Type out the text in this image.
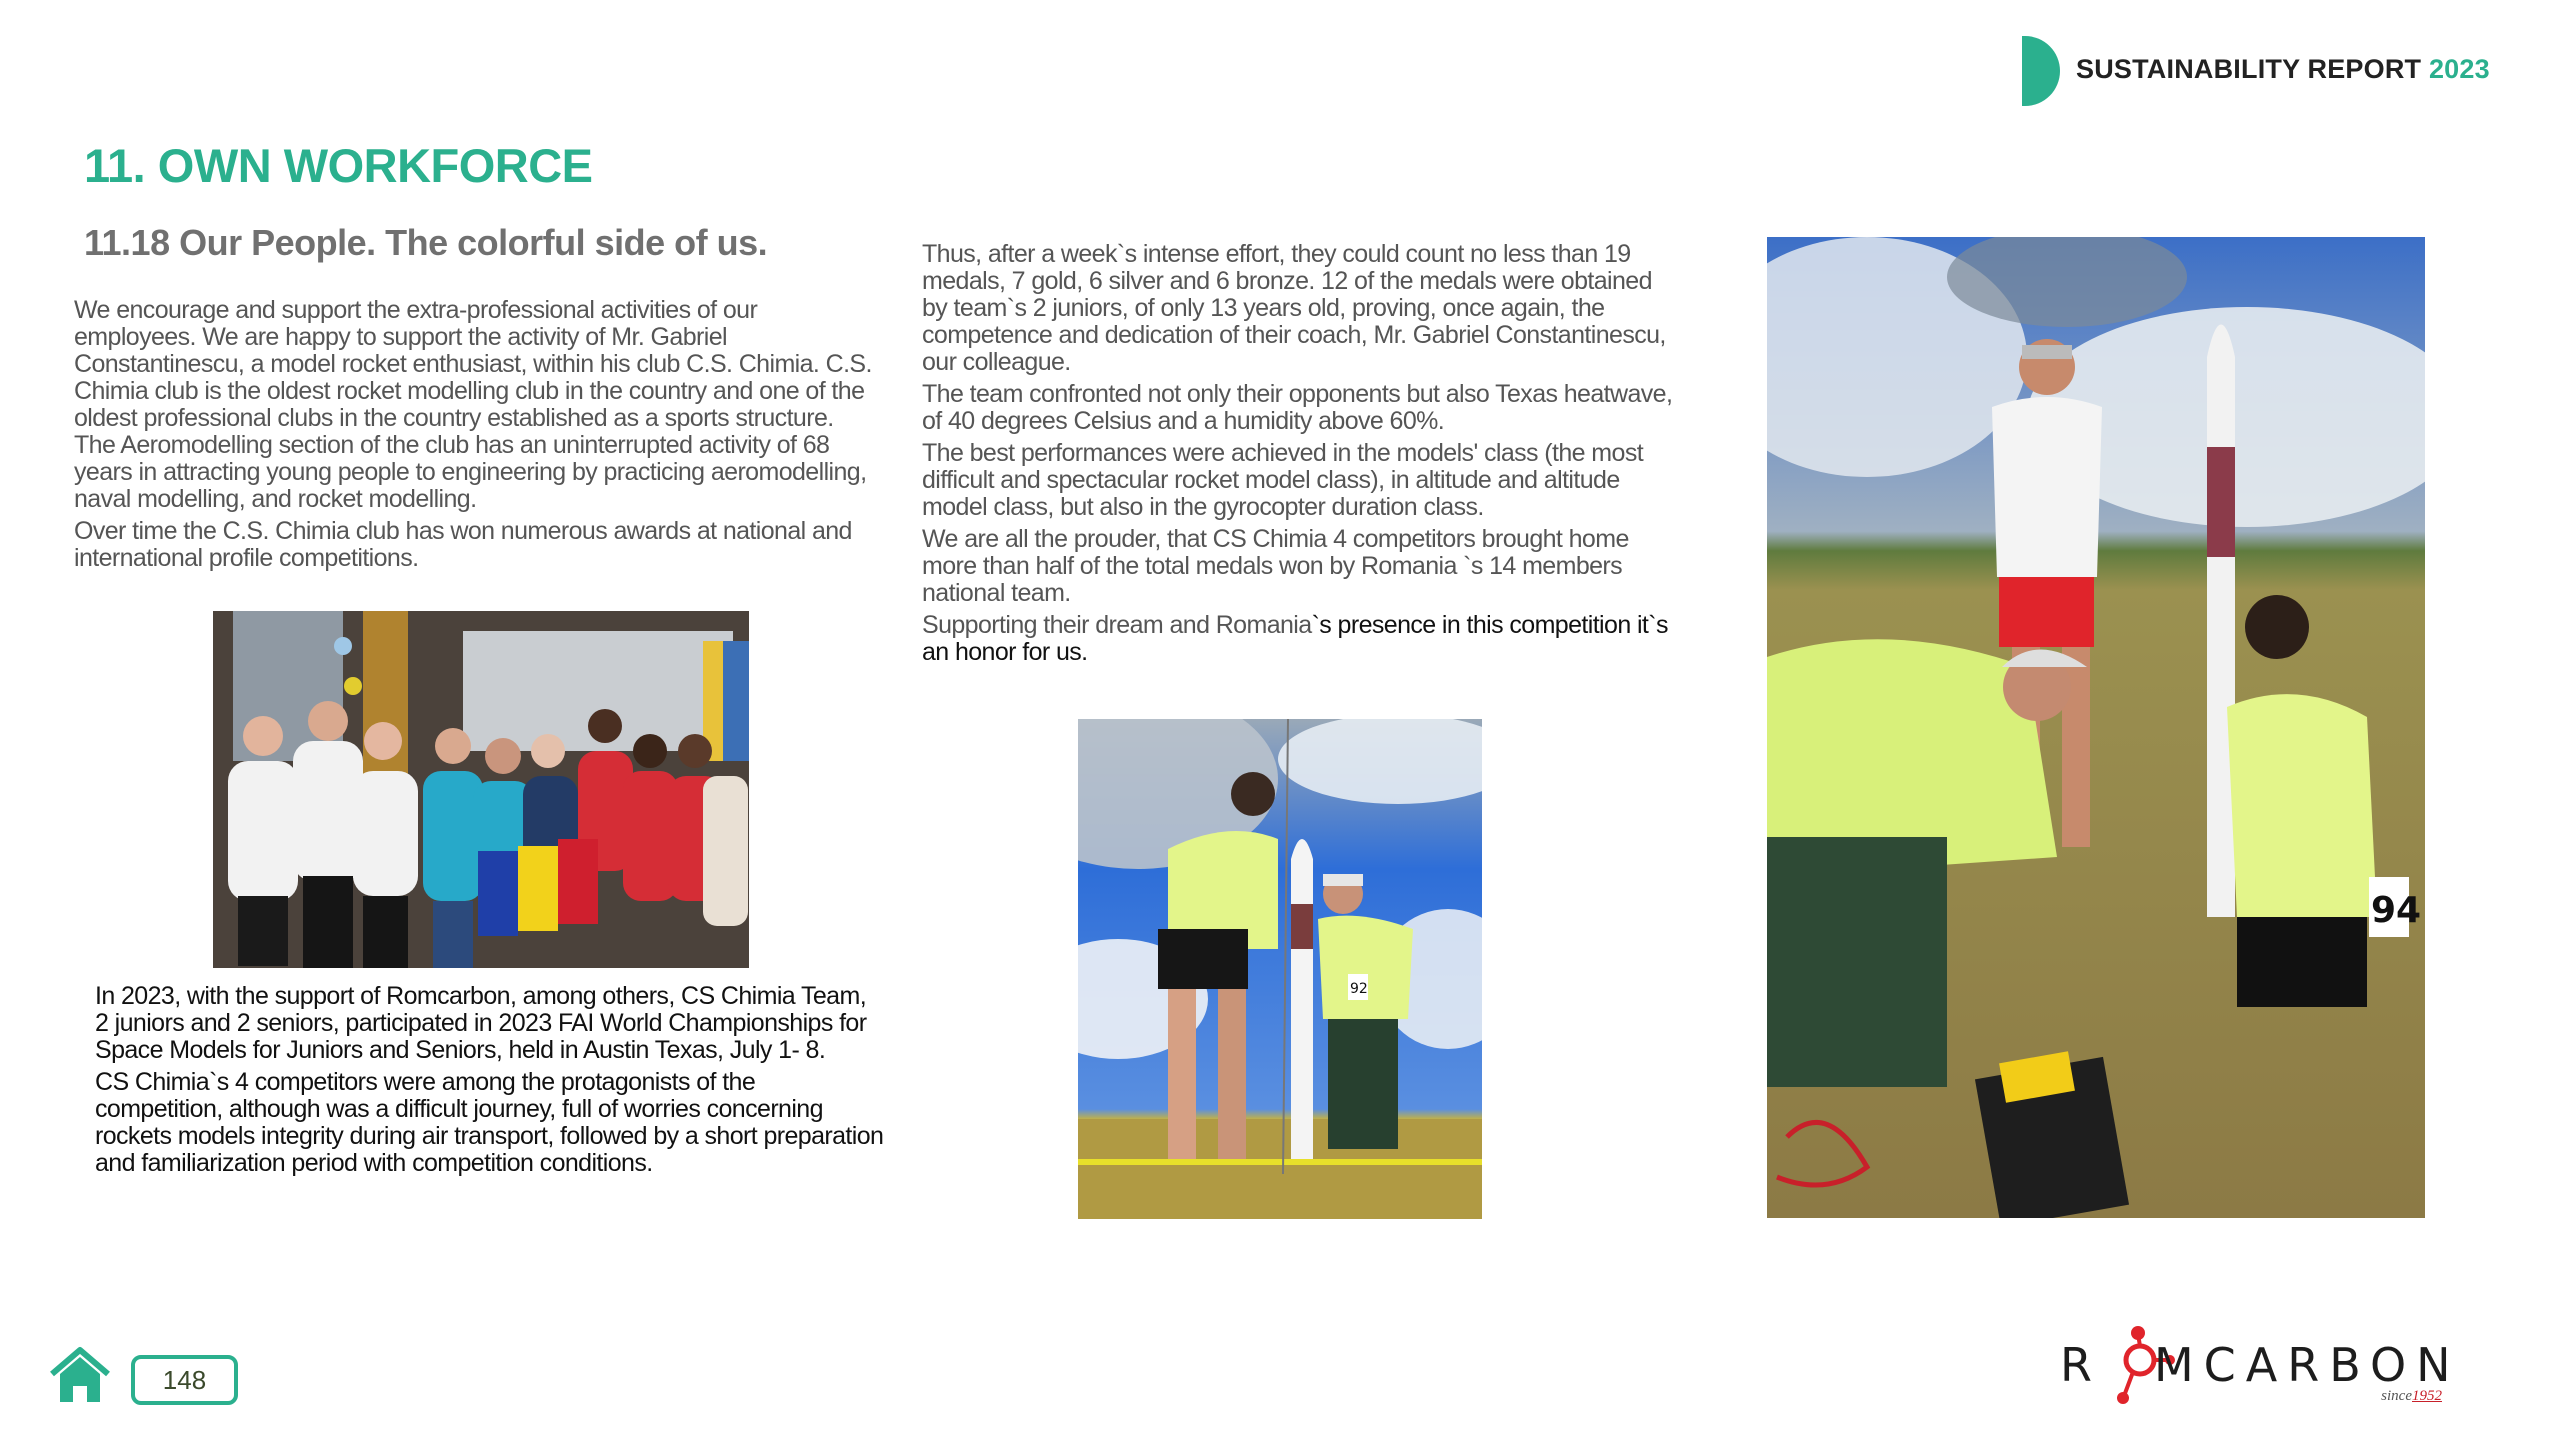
SUSTAINABILITY REPORT 2023
11. OWN WORKFORCE
11.18 Our People. The colorful side of us.

We encourage and support the extra-professional activities of our employees. We are happy to support the activity of Mr. Gabriel Constantinescu, a model rocket enthusiast, within his club C.S. Chimia. C.S. Chimia club is the oldest rocket modelling club in the country and one of the oldest professional clubs in the country established as a sports structure. The Aeromodelling section of the club has an uninterrupted activity of 68 years in attracting young people to engineering by practicing aeromodelling, naval modelling, and rocket modelling.

Over time the C.S. Chimia club has won numerous awards at national and international profile competitions.

In 2023, with the support of Romcarbon, among others, CS Chimia Team, 2 juniors and 2 seniors, participated in 2023 FAI World Championships for Space Models for Juniors and Seniors, held in Austin Texas, July 1- 8.

CS Chimia`s 4 competitors were among the protagonists of the competition, although was a difficult journey, full of worries concerning rockets models integrity during air transport, followed by a short preparation and familiarization period with competition conditions.

Thus, after a week`s intense effort, they could count no less than 19 medals, 7 gold, 6 silver and 6 bronze. 12 of the medals were obtained by team`s 2 juniors, of only 13 years old, proving, once again, the competence and dedication of their coach, Mr. Gabriel Constantinescu, our colleague.

The team confronted not only their opponents but also Texas heatwave, of 40 degrees Celsius and a humidity above 60%.

The best performances were achieved in the models' class (the most difficult and spectacular rocket model class), in altitude and altitude model class, but also in the gyrocopter duration class.

We are all the prouder, that CS Chimia 4 competitors brought home more than half of the total medals won by Romania `s 14 members national team.

Supporting their dream and Romania`s presence in this competition it`s an honor for us.

92
94
148	RMCARBON
since1952
